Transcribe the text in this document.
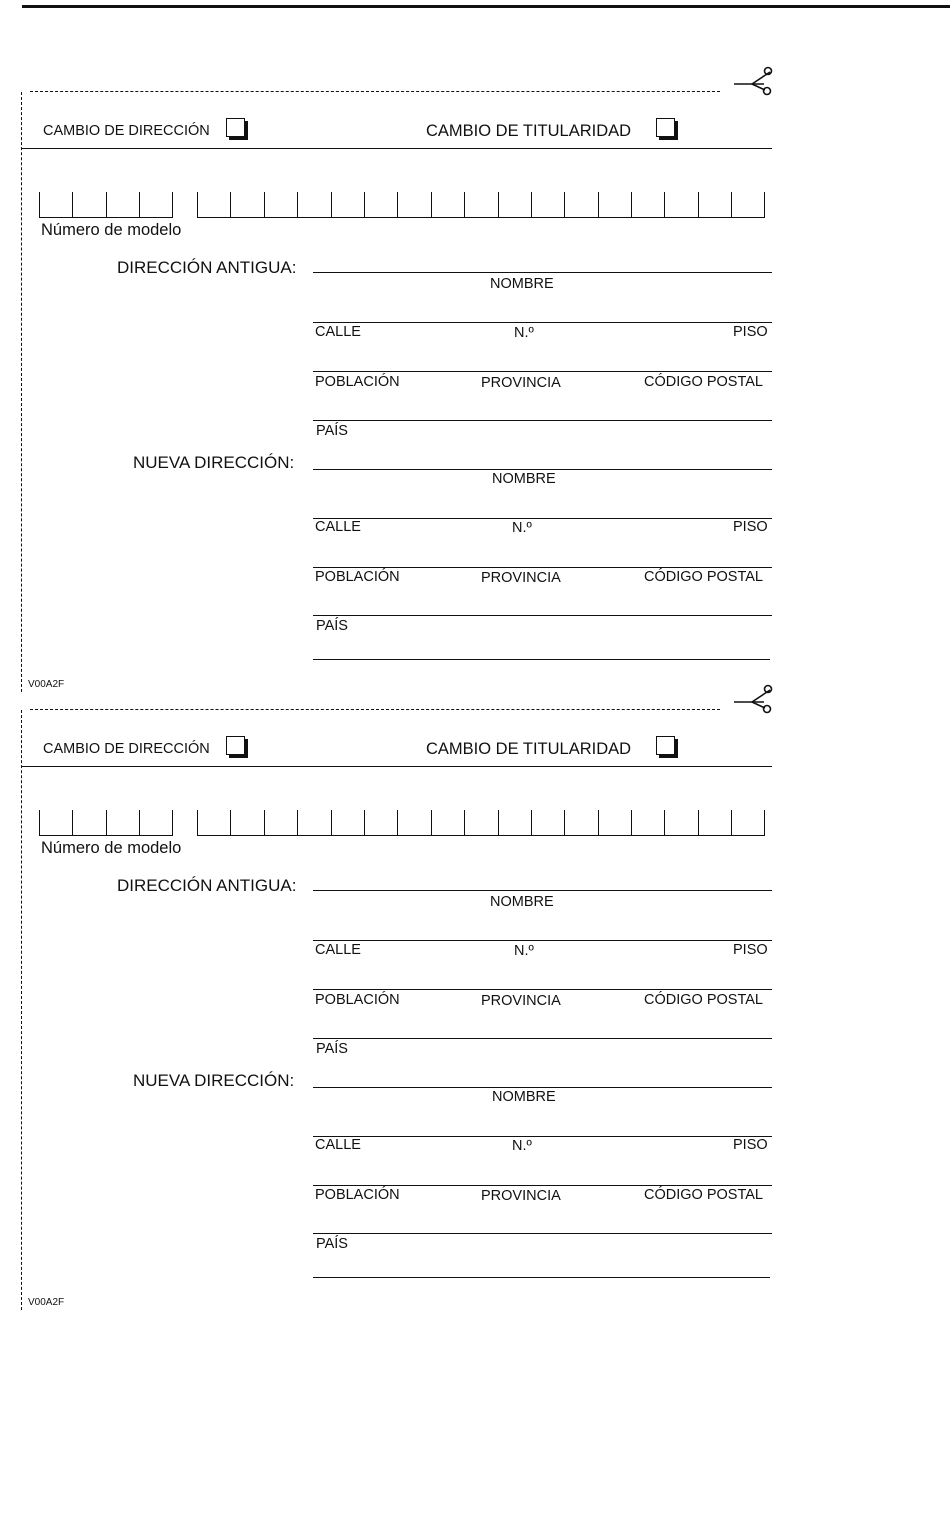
CAMBIO DE DIRECCIÓN	CAMBIO DE TITULARIDAD
Número de modelo
DIRECCIÓN ANTIGUA:
NOMBRE
CALLE	N.º	PISO
POBLACIÓN	PROVINCIA	CÓDIGO POSTAL
PAÍS
NUEVA DIRECCIÓN:
NOMBRE
CALLE	N.º	PISO
POBLACIÓN	PROVINCIA	CÓDIGO POSTAL
PAÍS
V00A2F
CAMBIO DE DIRECCIÓN	CAMBIO DE TITULARIDAD
Número de modelo
DIRECCIÓN ANTIGUA:
NOMBRE
CALLE	N.º	PISO
POBLACIÓN	PROVINCIA	CÓDIGO POSTAL
PAÍS
NUEVA DIRECCIÓN:
NOMBRE
CALLE	N.º	PISO
POBLACIÓN	PROVINCIA	CÓDIGO POSTAL
PAÍS
V00A2F
